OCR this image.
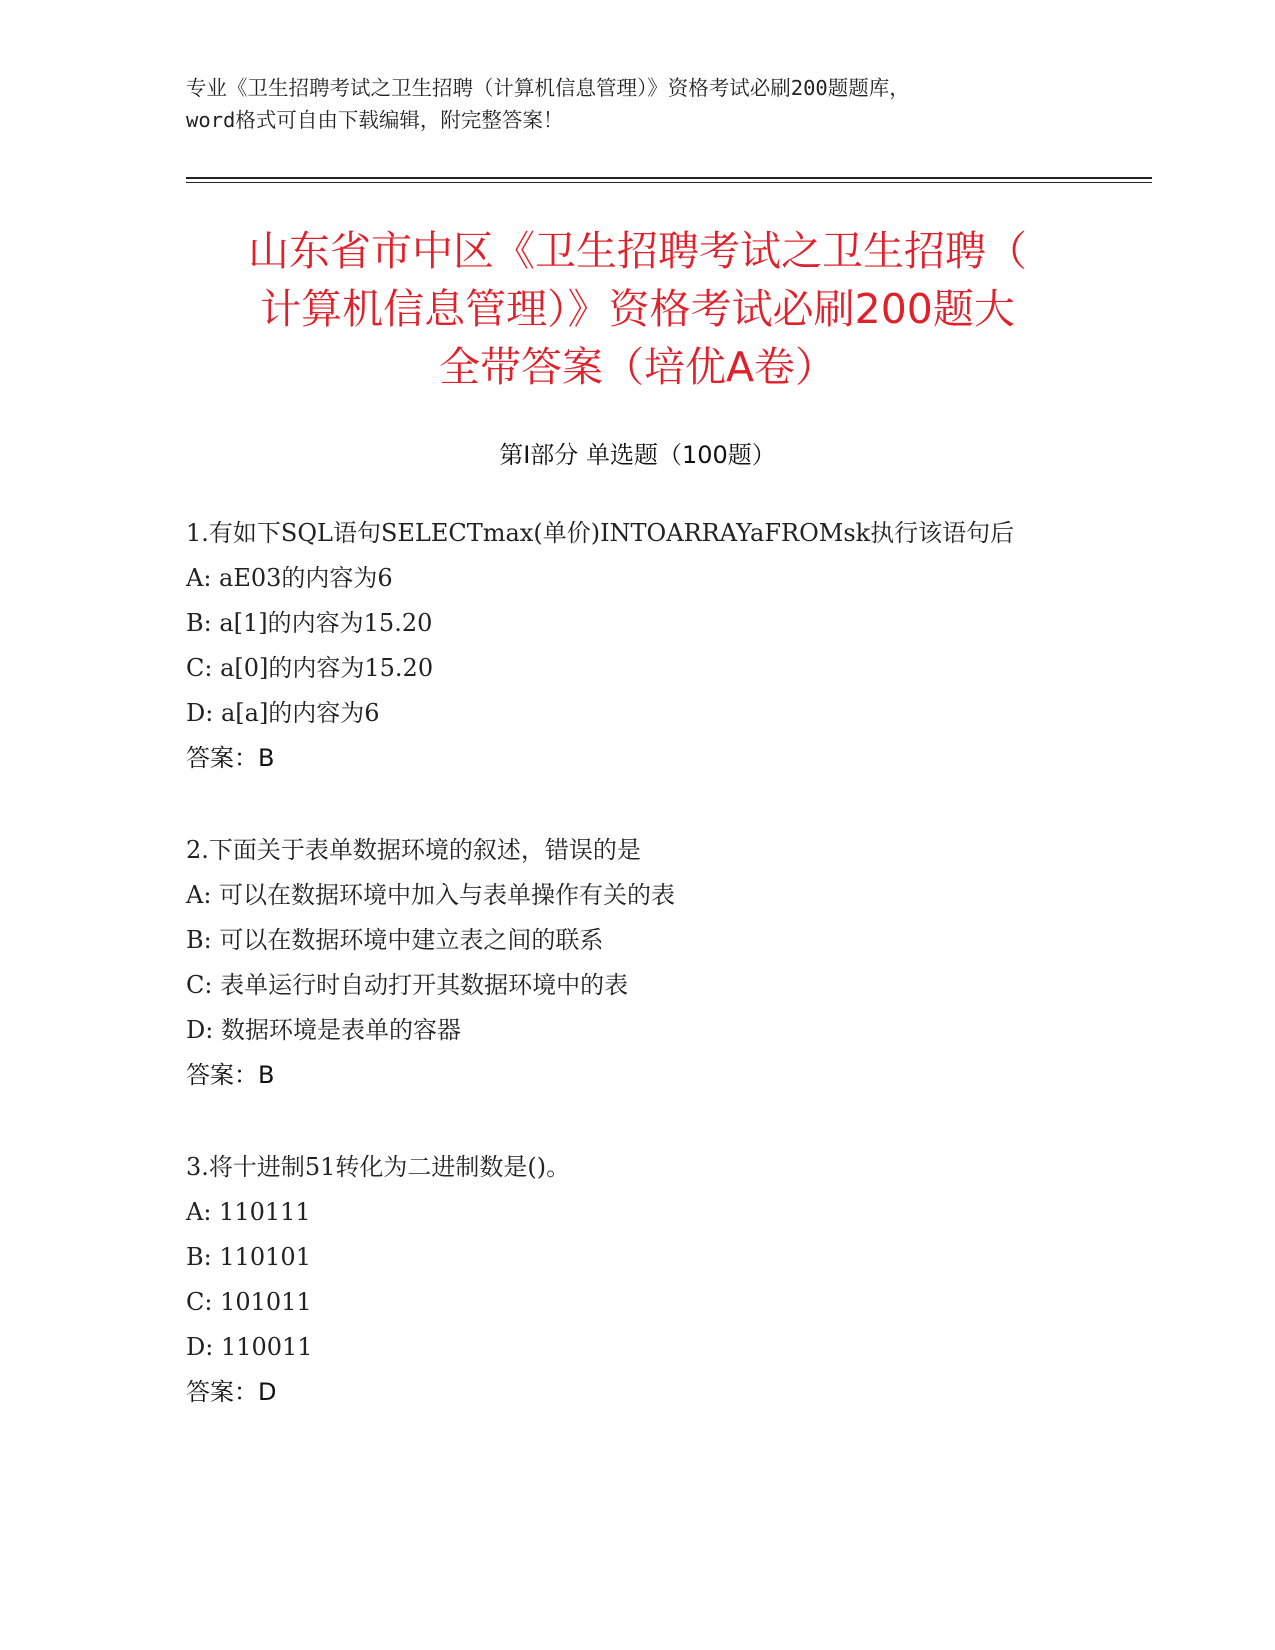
专业《卫生招聘考试之卫生招聘（计算机信息管理）》资格考试必刷200题题库，
word格式可自由下载编辑，附完整答案！
山东省市中区《卫生招聘考试之卫生招聘（
计算机信息管理）》资格考试必刷200题大
全带答案（培优A卷）
第Ⅰ部分 单选题（100题）
1.有如下SQL语句SELECTmax(单价)INTOARRAYaFROMsk执行该语句后
A: aE03的内容为6
B: a[1]的内容为15.20
C: a[0]的内容为15.20
D: a[a]的内容为6
答案：B
2.下面关于表单数据环境的叙述，错误的是
A: 可以在数据环境中加入与表单操作有关的表
B: 可以在数据环境中建立表之间的联系
C: 表单运行时自动打开其数据环境中的表
D: 数据环境是表单的容器
答案：B
3.将十进制51转化为二进制数是()。
A: 110111
B: 110101
C: 101011
D: 110011
答案：D
